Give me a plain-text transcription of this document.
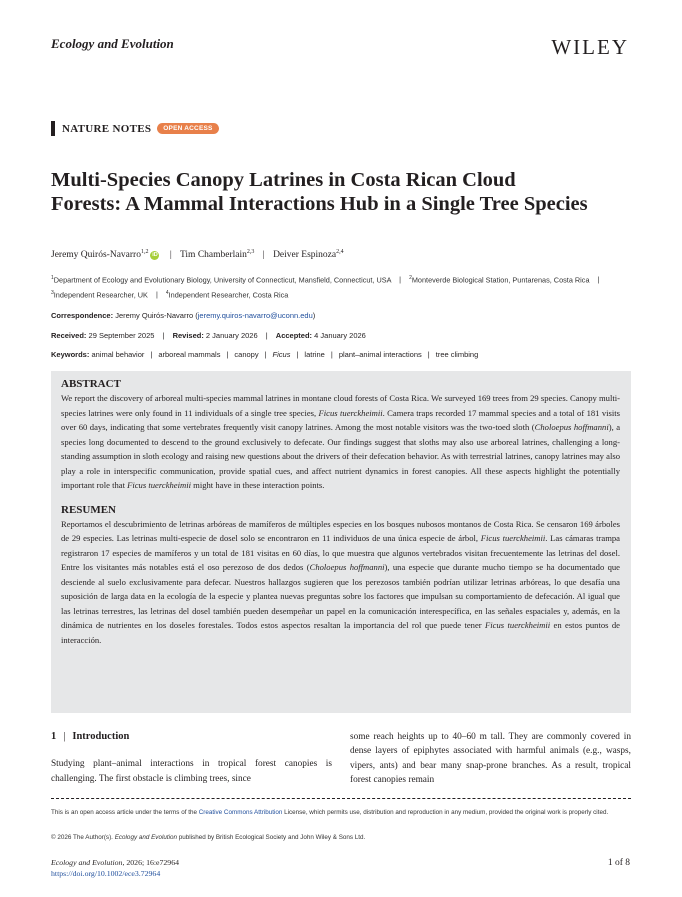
Ecology and Evolution	WILEY
NATURE NOTES	OPEN ACCESS
Multi-Species Canopy Latrines in Costa Rican Cloud Forests: A Mammal Interactions Hub in a Single Tree Species
Jeremy Quirós-Navarro$^{1,2}$iD | Tim Chamberlain$^{2,3}$ | Deiver Espinoza$^{2,4}$
$^1$Department of Ecology and Evolutionary Biology, University of Connecticut, Mansfield, Connecticut, USA | $^2$Monteverde Biological Station, Puntarenas, Costa Rica | $^3$Independent Researcher, UK | $^4$Independent Researcher, Costa Rica
Correspondence: Jeremy Quirós-Navarro (jeremy.quiros-navarro@uconn.edu)
Received: 29 September 2025 | Revised: 2 January 2026 | Accepted: 4 January 2026
Keywords: animal behavior | arboreal mammals | canopy | Ficus | latrine | plant–animal interactions | tree climbing
ABSTRACT

We report the discovery of arboreal multi-species mammal latrines in montane cloud forests of Costa Rica. We surveyed 169 trees from 29 species. Canopy multi-species latrines were only found in 11 individuals of a single tree species, Ficus tuerckheimii. Camera traps recorded 17 mammal species and a total of 181 visits over 60 days, indicating that some vertebrates frequently visit canopy latrines. Among the most notable visitors was the two-toed sloth (Choloepus hoffmanni), a species long documented to descend to the ground exclusively to defecate. Our findings suggest that sloths may also use arboreal latrines, challenging a long-standing assumption in sloth ecology and raising new questions about the drivers of their defecation behavior. As with terrestrial latrines, canopy latrines may also play a role in interspecific communication, provide spatial cues, and affect nutrient dynamics in forest canopies. All these aspects highlight the potentially important role that Ficus tuerckheimii might have in these interaction points.

RESUMEN

Reportamos el descubrimiento de letrinas arbóreas de mamíferos de múltiples especies en los bosques nubosos montanos de Costa Rica. Se censaron 169 árboles de 29 especies. Las letrinas multi-especie de dosel solo se encontraron en 11 individuos de una única especie de árbol, Ficus tuerckheimii. Las cámaras trampa registraron 17 especies de mamíferos y un total de 181 visitas en 60 días, lo que muestra que algunos vertebrados visitan frecuentemente las letrinas del dosel. Entre los visitantes más notables está el oso perezoso de dos dedos (Choloepus hoffmanni), una especie que durante mucho tiempo se ha documentado que desciende al suelo exclusivamente para defecar. Nuestros hallazgos sugieren que los perezosos también podrían utilizar letrinas arbóreas, lo que desafía una suposición de larga data en la ecología de la especie y plantea nuevas preguntas sobre los factores que impulsan su comportamiento de defecación. Al igual que las letrinas terrestres, las letrinas del dosel también pueden desempeñar un papel en la comunicación interespecífica, en las señales espaciales y, además, en la dinámica de nutrientes en los doseles forestales. Todos estos aspectos resaltan la importancia del rol que puede tener Ficus tuerckheimii en estos puntos de interacción.

1 | Introduction

Studying plant–animal interactions in tropical forest canopies is challenging. The first obstacle is climbing trees, since

some reach heights up to 40–60 m tall. They are commonly covered in dense layers of epiphytes associated with harmful animals (e.g., wasps, vipers, ants) and bear many snap-prone branches. As a result, tropical forest canopies remain

This is an open access article under the terms of the Creative Commons Attribution License, which permits use, distribution and reproduction in any medium, provided the original work is properly cited.
© 2026 The Author(s). Ecology and Evolution published by British Ecological Society and John Wiley & Sons Ltd.
Ecology and Evolution, 2026; 16:e72964
https://doi.org/10.1002/ece3.72964
1 of 8
